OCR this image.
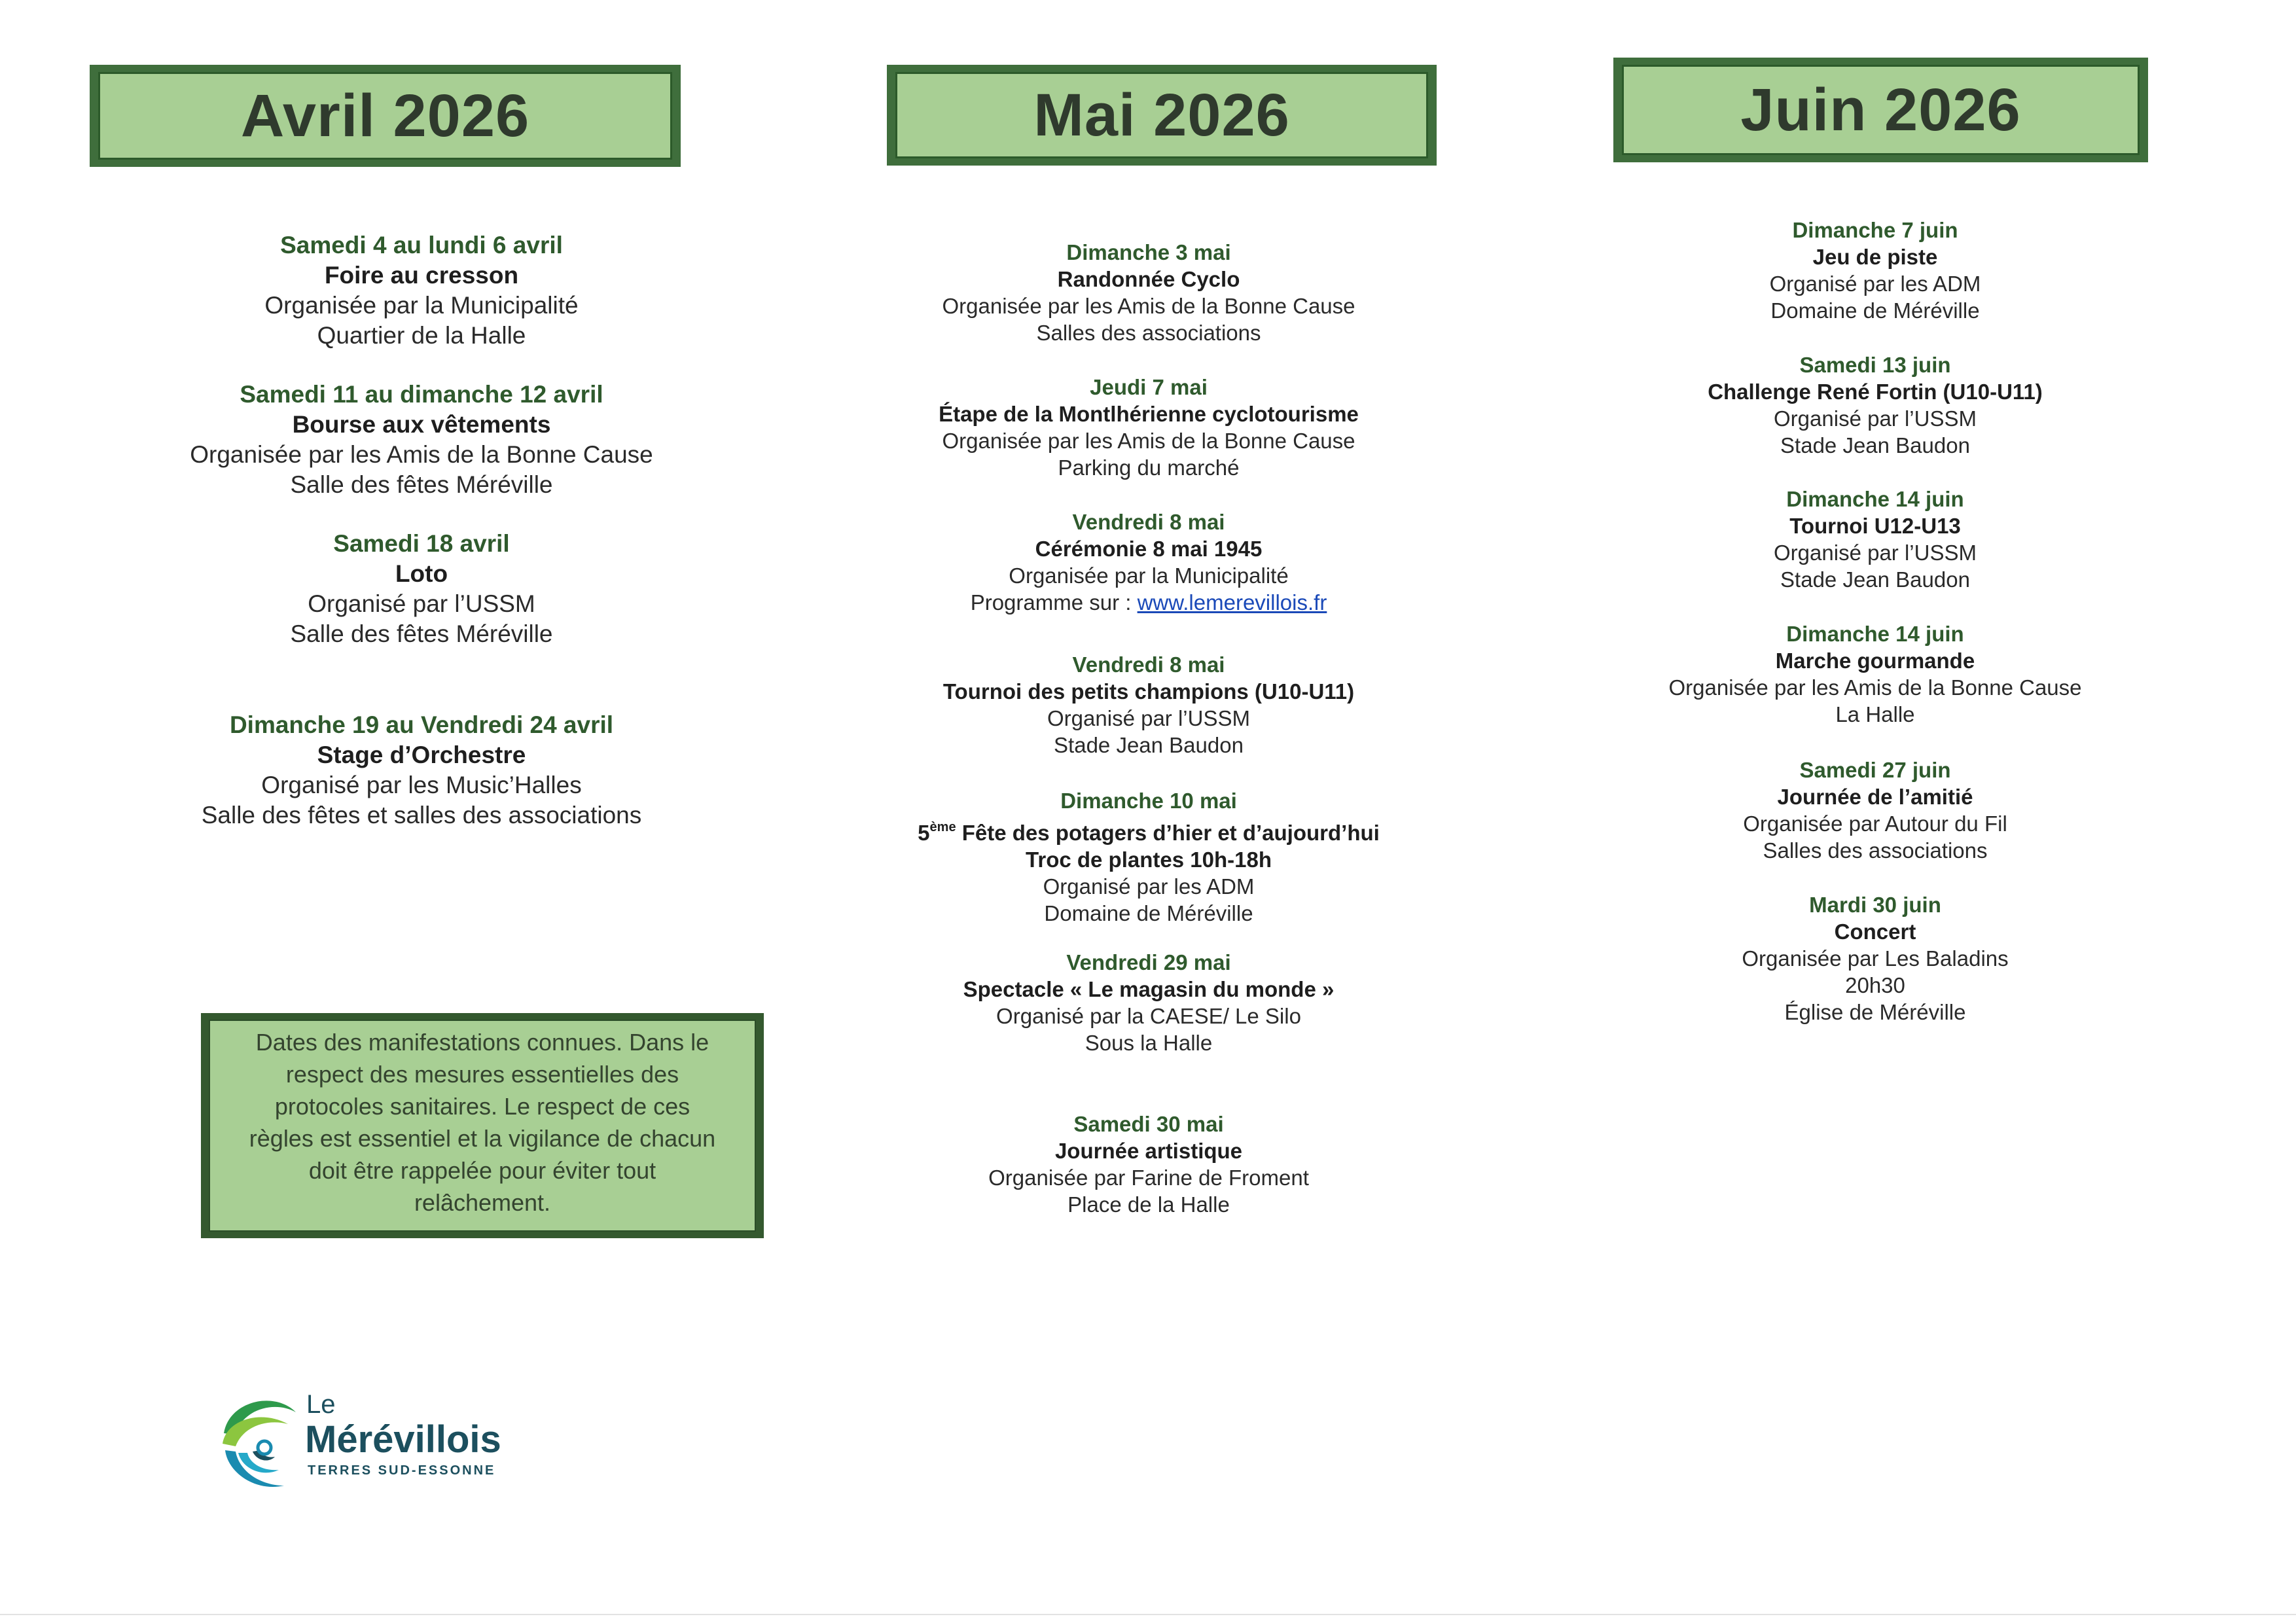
Avril 2026	Mai 2026	Juin 2026
Samedi 4 au lundi 6 avril
Foire au cresson
Organisée par la Municipalité
Quartier de la Halle
Samedi 11 au dimanche 12 avril
Bourse aux vêtements
Organisée par les Amis de la Bonne Cause
Salle des fêtes Méréville
Samedi 18 avril
Loto
Organisé par l’USSM
Salle des fêtes Méréville
Dimanche 19 au Vendredi 24 avril
Stage d’Orchestre
Organisé par les Music’Halles
Salle des fêtes et salles des associations
Dimanche 3 mai
Randonnée Cyclo
Organisée par les Amis de la Bonne Cause
Salles des associations
Jeudi 7 mai
Étape de la Montlhérienne cyclotourisme
Organisée par les Amis de la Bonne Cause
Parking du marché
Vendredi 8 mai
Cérémonie 8 mai 1945
Organisée par la Municipalité
Programme sur : www.lemerevillois.fr
Vendredi 8 mai
Tournoi des petits champions (U10-U11)
Organisé par l’USSM
Stade Jean Baudon
Dimanche 10 mai
5ème Fête des potagers d’hier et d’aujourd’hui
Troc de plantes 10h-18h
Organisé par les ADM
Domaine de Méréville
Vendredi 29 mai
Spectacle « Le magasin du monde »
Organisé par la CAESE/ Le Silo
Sous la Halle
Samedi 30 mai
Journée artistique
Organisée par Farine de Froment
Place de la Halle
Dimanche 7 juin
Jeu de piste
Organisé par les ADM
Domaine de Méréville
Samedi 13 juin
Challenge René Fortin (U10-U11)
Organisé par l’USSM
Stade Jean Baudon
Dimanche 14 juin
Tournoi U12-U13
Organisé par l’USSM
Stade Jean Baudon
Dimanche 14 juin
Marche gourmande
Organisée par les Amis de la Bonne Cause
La Halle
Samedi 27 juin
Journée de l’amitié
Organisée par Autour du Fil
Salles des associations
Mardi 30 juin
Concert
Organisée par Les Baladins
20h30
Église de Méréville
Dates des manifestations connues. Dans le
respect des mesures essentielles des
protocoles sanitaires. Le respect de ces
règles est essentiel et la vigilance de chacun
doit être rappelée pour éviter tout
relâchement.
Le
Mérévillois
TERRES SUD-ESSONNE
